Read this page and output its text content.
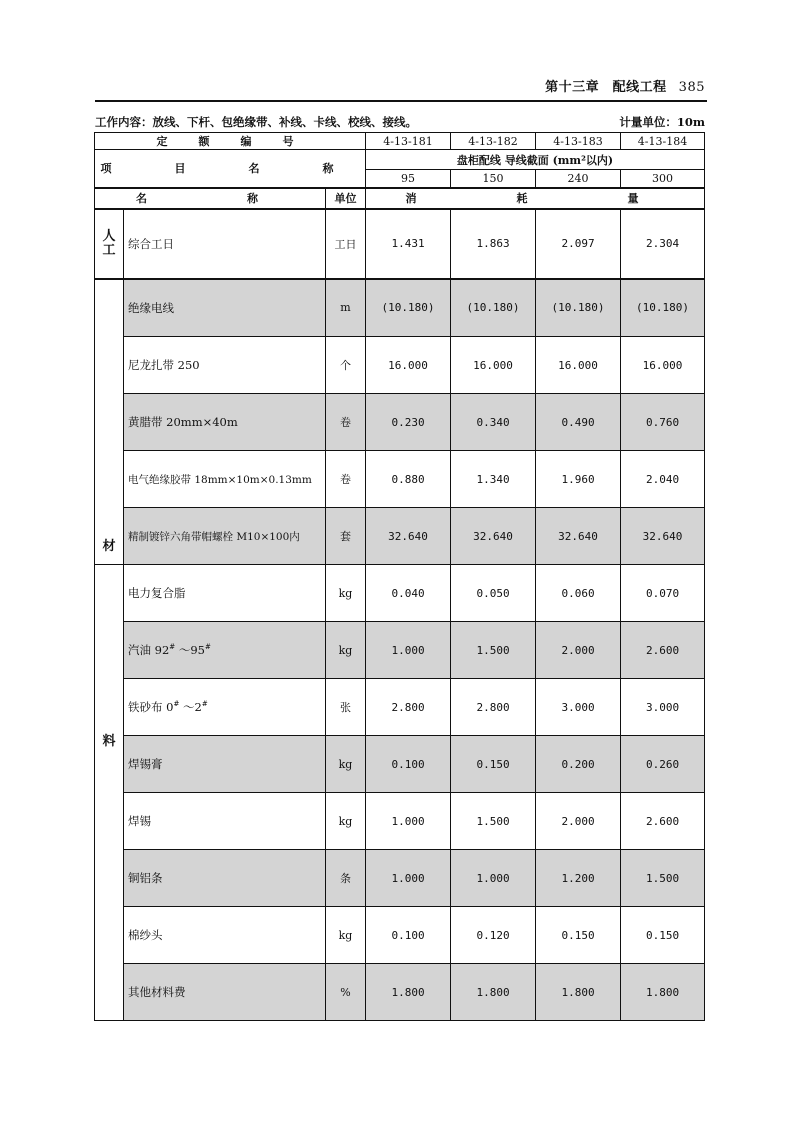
第十三章　配线工程 385
工作内容：放线、下杆、包绝缘带、补线、卡线、校线、接线。	计量单位：10m
定　额　编　号			4-13-181	4-13-182	4-13-183	4-13-184
项　目　名　称			盘柜配线 导线截面 (mm²以内)			
			95	150	240	300
名　　称		单位	消　　耗　　量			
人
工	综合工日	工日	1.431	1.863	2.097	2.304
材	绝缘电线	m	(10.180)	(10.180)	(10.180)	(10.180)
	尼龙扎带 250	个	16.000	16.000	16.000	16.000
	黄腊带 20mm×40m	卷	0.230	0.340	0.490	0.760
	电气绝缘胶带 18mm×10m×0.13mm	卷	0.880	1.340	1.960	2.040
	精制镀锌六角带帽螺栓 M10×100内	套	32.640	32.640	32.640	32.640
料	电力复合脂	kg	0.040	0.050	0.060	0.070
	汽油 92# ～95#	kg	1.000	1.500	2.000	2.600
	铁砂布 0# ～2#	张	2.800	2.800	3.000	3.000
	焊锡膏	kg	0.100	0.150	0.200	0.260
	焊锡	kg	1.000	1.500	2.000	2.600
	铜铝条	条	1.000	1.000	1.200	1.500
	棉纱头	kg	0.100	0.120	0.150	0.150
	其他材料费	%	1.800	1.800	1.800	1.800
